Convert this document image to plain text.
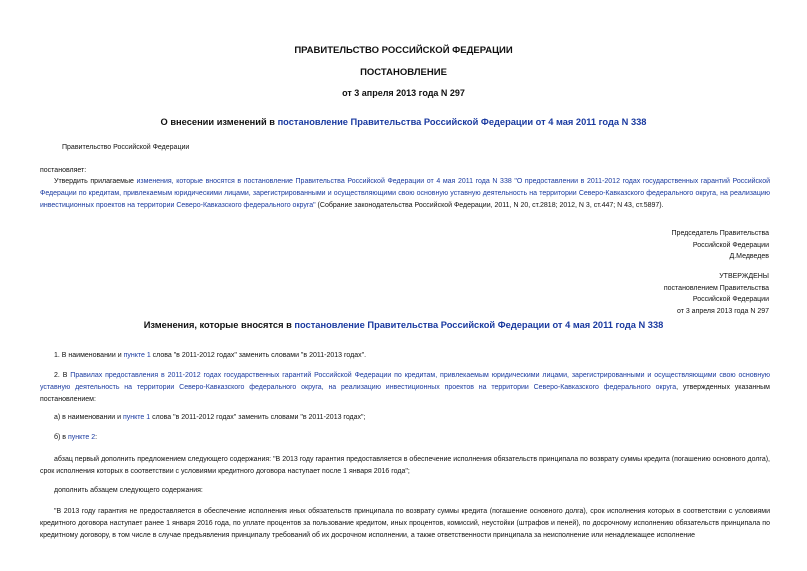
ПРАВИТЕЛЬСТВО РОССИЙСКОЙ ФЕДЕРАЦИИ
ПОСТАНОВЛЕНИЕ
от 3 апреля 2013 года N 297
О внесении изменений в постановление Правительства Российской Федерации от 4 мая 2011 года N 338
Правительство Российской Федерации
постановляет:
Утвердить прилагаемые изменения, которые вносятся в постановление Правительства Российской Федерации от 4 мая 2011 года N 338 "О предоставлении в 2011-2012 годах государственных гарантий Российской Федерации по кредитам, привлекаемым юридическими лицами, зарегистрированными и осуществляющими свою основную уставную деятельность на территории Северо-Кавказского федерального округа, на реализацию инвестиционных проектов на территории Северо-Кавказского федерального округа" (Собрание законодательства Российской Федерации, 2011, N 20, ст.2818; 2012, N 3, ст.447; N 43, ст.5897).
Председатель Правительства
Российской Федерации
Д.Медведев
УТВЕРЖДЕНЫ
постановлением Правительства
Российской Федерации
от 3 апреля 2013 года N 297
Изменения, которые вносятся в постановление Правительства Российской Федерации от 4 мая 2011 года N 338
1. В наименовании и пункте 1 слова "в 2011-2012 годах" заменить словами "в 2011-2013 годах".
2. В Правилах предоставления в 2011-2012 годах государственных гарантий Российской Федерации по кредитам, привлекаемым юридическими лицами, зарегистрированными и осуществляющими свою основную уставную деятельность на территории Северо-Кавказского федерального округа, на реализацию инвестиционных проектов на территории Северо-Кавказского федерального округа, утвержденных указанным постановлением:
а) в наименовании и пункте 1 слова "в 2011-2012 годах" заменить словами "в 2011-2013 годах";
б) в пункте 2:
абзац первый дополнить предложением следующего содержания: "В 2013 году гарантия предоставляется в обеспечение исполнения обязательств принципала по возврату суммы кредита (погашению основного долга), срок исполнения которых в соответствии с условиями кредитного договора наступает после 1 января 2016 года";
дополнить абзацем следующего содержания:
"В 2013 году гарантия не предоставляется в обеспечение исполнения иных обязательств принципала по возврату суммы кредита (погашение основного долга), срок исполнения которых в соответствии с условиями кредитного договора наступает ранее 1 января 2016 года, по уплате процентов за пользование кредитом, иных процентов, комиссий, неустойки (штрафов и пеней), по досрочному исполнению обязательств принципала по кредитному договору, в том числе в случае предъявления принципалу требований об их досрочном исполнении, а также ответственности принципала за неисполнение или ненадлежащее исполнение
